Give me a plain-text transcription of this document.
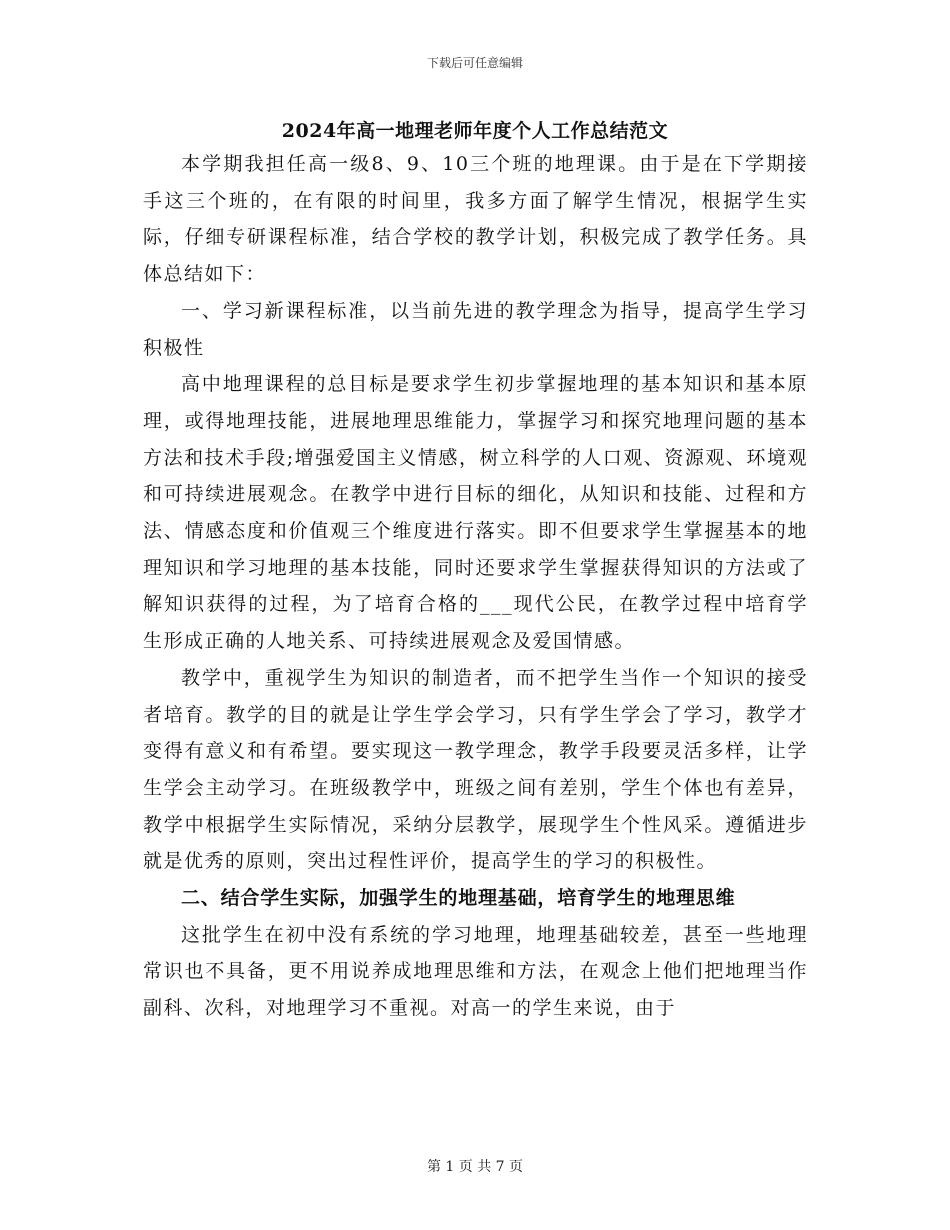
下载后可任意编辑
2024年高一地理老师年度个人工作总结范文

本学期我担任高一级8、9、10三个班的地理课。由于是在下学期接手这三个班的，在有限的时间里，我多方面了解学生情况，根据学生实际，仔细专研课程标准，结合学校的教学计划，积极完成了教学任务。具体总结如下：

一、学习新课程标准，以当前先进的教学理念为指导，提高学生学习积极性

高中地理课程的总目标是要求学生初步掌握地理的基本知识和基本原理，或得地理技能，进展地理思维能力，掌握学习和探究地理问题的基本方法和技术手段;增强爱国主义情感，树立科学的人口观、资源观、环境观和可持续进展观念。在教学中进行目标的细化，从知识和技能、过程和方法、情感态度和价值观三个维度进行落实。即不但要求学生掌握基本的地理知识和学习地理的基本技能，同时还要求学生掌握获得知识的方法或了解知识获得的过程，为了培育合格的___现代公民，在教学过程中培育学生形成正确的人地关系、可持续进展观念及爱国情感。

教学中，重视学生为知识的制造者，而不把学生当作一个知识的接受者培育。教学的目的就是让学生学会学习，只有学生学会了学习，教学才变得有意义和有希望。要实现这一教学理念，教学手段要灵活多样，让学生学会主动学习。在班级教学中，班级之间有差别，学生个体也有差异，教学中根据学生实际情况，采纳分层教学，展现学生个性风采。遵循进步就是优秀的原则，突出过程性评价，提高学生的学习的积极性。

二、结合学生实际，加强学生的地理基础，培育学生的地理思维

这批学生在初中没有系统的学习地理，地理基础较差，甚至一些地理常识也不具备，更不用说养成地理思维和方法，在观念上他们把地理当作副科、次科，对地理学习不重视。对高一的学生来说，由于

第 1 页 共 7 页
